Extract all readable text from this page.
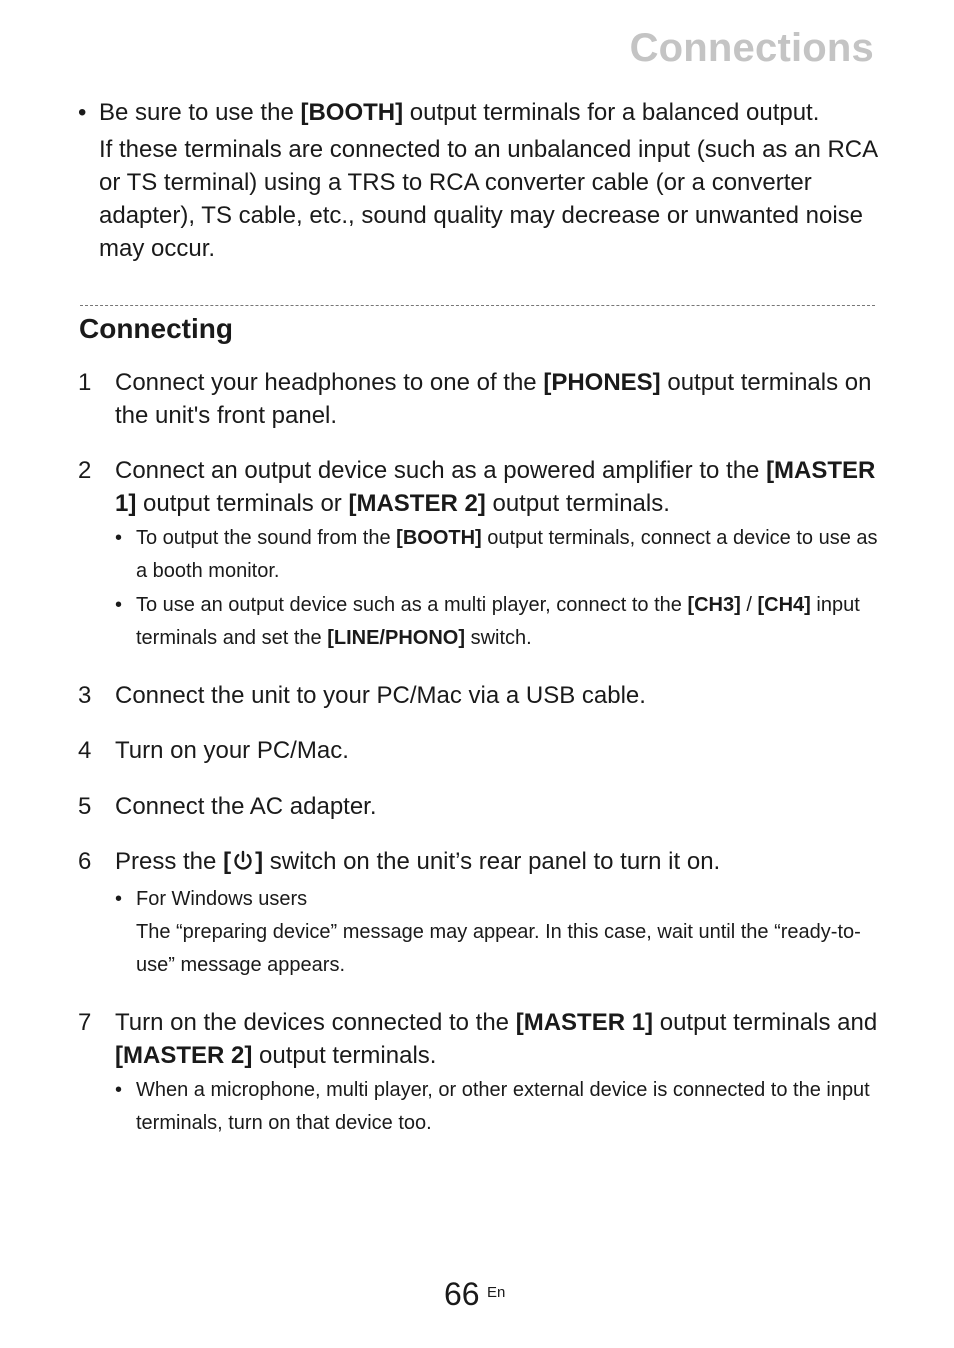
Connections
• Be sure to use the [BOOTH] output terminals for a balanced output.
If these terminals are connected to an unbalanced input (such as an RCA or TS terminal) using a TRS to RCA converter cable (or a converter adapter), TS cable, etc., sound quality may decrease or unwanted noise may occur.
Connecting
1 Connect your headphones to one of the [PHONES] output terminals on the unit's front panel.
2 Connect an output device such as a powered amplifier to the [MASTER 1] output terminals or [MASTER 2] output terminals.
• To output the sound from the [BOOTH] output terminals, connect a device to use as a booth monitor.
• To use an output device such as a multi player, connect to the [CH3] / [CH4] input terminals and set the [LINE/PHONO] switch.
3 Connect the unit to your PC/Mac via a USB cable.
4 Turn on your PC/Mac.
5 Connect the AC adapter.
6 Press the [ ] switch on the unit’s rear panel to turn it on.
• For Windows users
The “preparing device” message may appear. In this case, wait until the “ready-to-use” message appears.
7 Turn on the devices connected to the [MASTER 1] output terminals and [MASTER 2] output terminals.
• When a microphone, multi player, or other external device is connected to the input terminals, turn on that device too.
66 En
